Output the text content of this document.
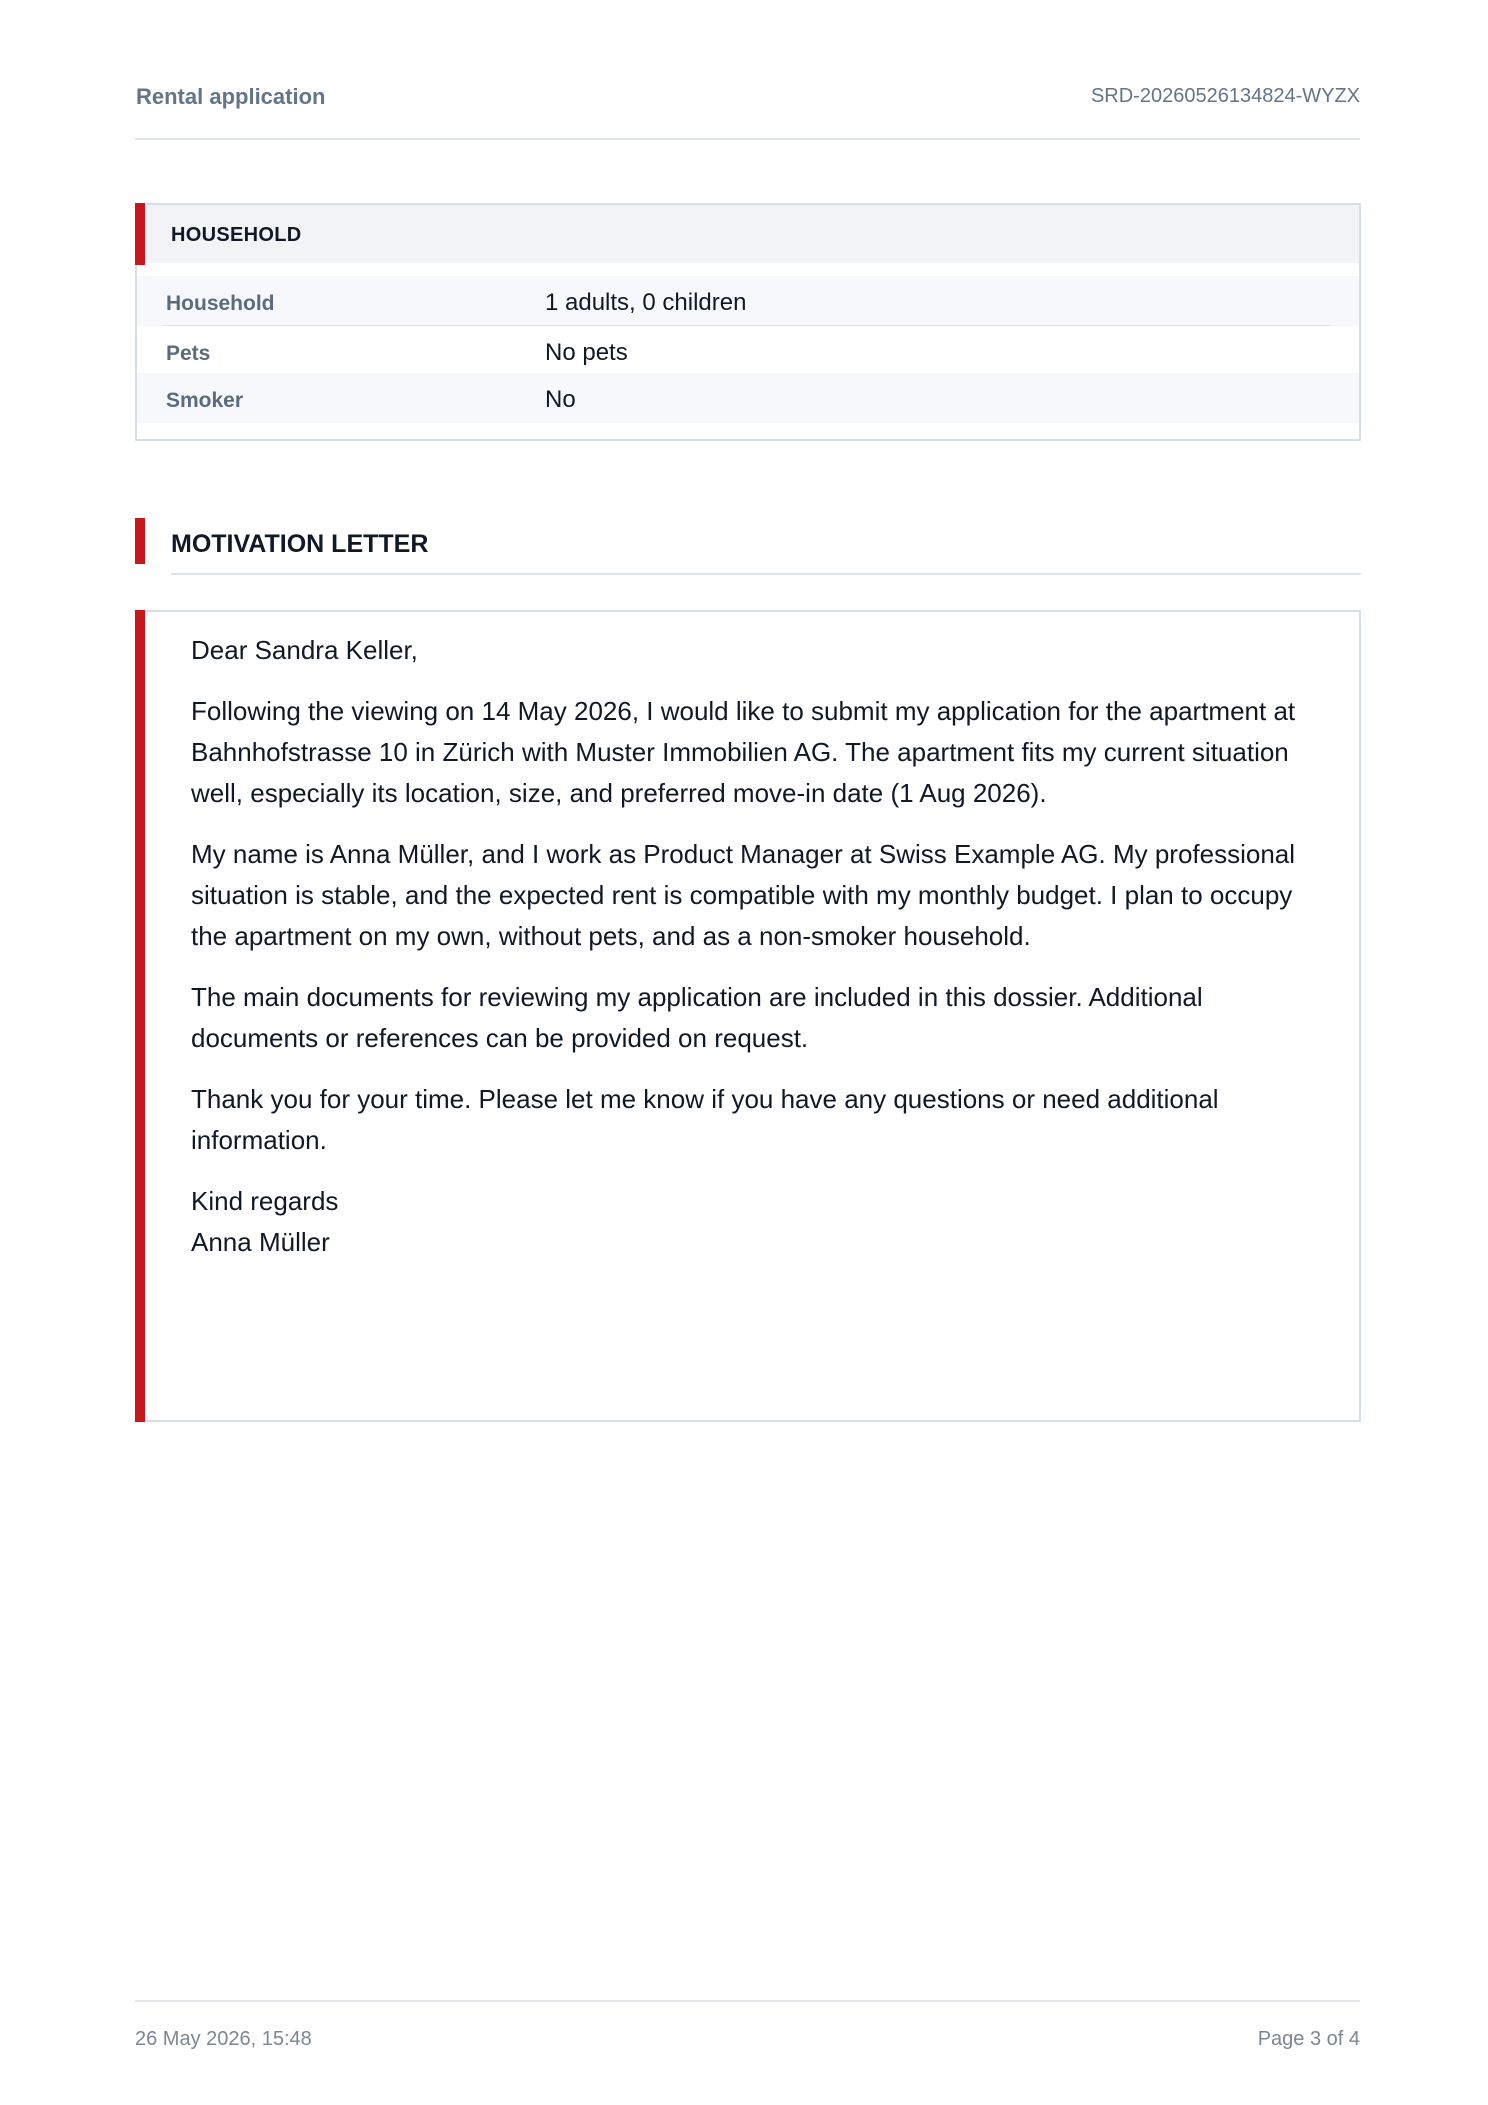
Rental application	SRD-20260526134824-WYZX
HOUSEHOLD
Household	1 adults, 0 children
Pets	No pets
Smoker	No
MOTIVATION LETTER

Dear Sandra Keller,

Following the viewing on 14 May 2026, I would like to submit my application for the apartment at Bahnhofstrasse 10 in Zürich with Muster Immobilien AG. The apartment fits my current situation well, especially its location, size, and preferred move-in date (1 Aug 2026).

My name is Anna Müller, and I work as Product Manager at Swiss Example AG. My professional situation is stable, and the expected rent is compatible with my monthly budget. I plan to occupy the apartment on my own, without pets, and as a non-smoker household.

The main documents for reviewing my application are included in this dossier. Additional documents or references can be provided on request.

Thank you for your time. Please let me know if you have any questions or need additional information.

Kind regards
Anna Müller
26 May 2026, 15:48	Page 3 of 4
